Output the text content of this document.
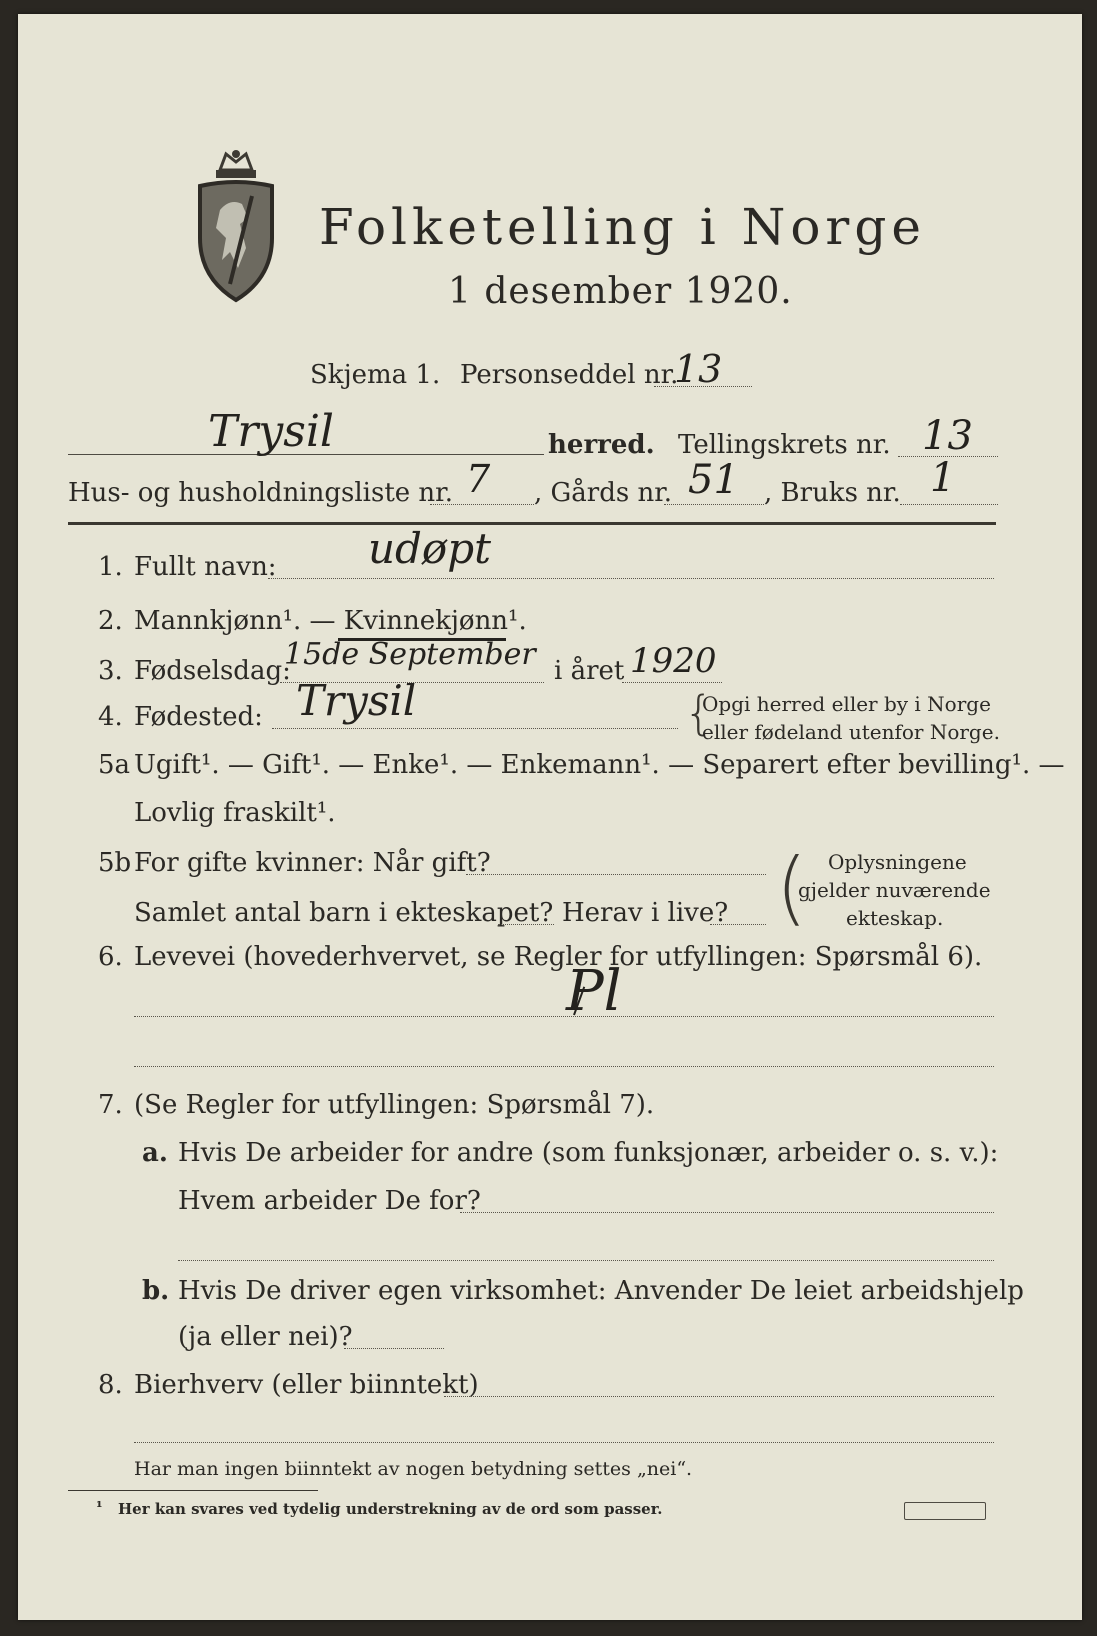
Folketelling i Norge
1 desember 1920.
Skjema 1. Personseddel nr.
13
Trysil	herred. Tellingskrets nr. 13
Hus- og husholdningsliste nr. 7 , Gårds nr. 51 , Bruks nr. 1
1. Fullt navn: udøpt
2. Mannkjønn¹. — Kvinnekjønn¹.
3. Fødselsdag:
15de September i året 1920
4. Fødested: Trysil	{
Opgi herred eller by i Norge
eller fødeland utenfor Norge.
5a Ugift¹. — Gift¹. — Enke¹. — Enkemann¹. — Separert efter bevilling¹. —
Lovlig fraskilt¹.
5b For gifte kvinner: Når gift?
Samlet antal barn i ekteskapet? Herav i live? ( Oplysningene
gjelder nuværende
ekteskap.
6. Levevei (hovederhvervet, se Regler for utfyllingen: Spørsmål 6).
Pl
7. (Se Regler for utfyllingen: Spørsmål 7).
a. Hvis De arbeider for andre (som funksjonær, arbeider o. s. v.):
Hvem arbeider De for?
b. Hvis De driver egen virksomhet: Anvender De leiet arbeidshjelp
(ja eller nei)?
8. Bierhverv (eller biinntekt)
Har man ingen biinntekt av nogen betydning settes „nei“.
¹ Her kan svares ved tydelig understrekning av de ord som passer.
